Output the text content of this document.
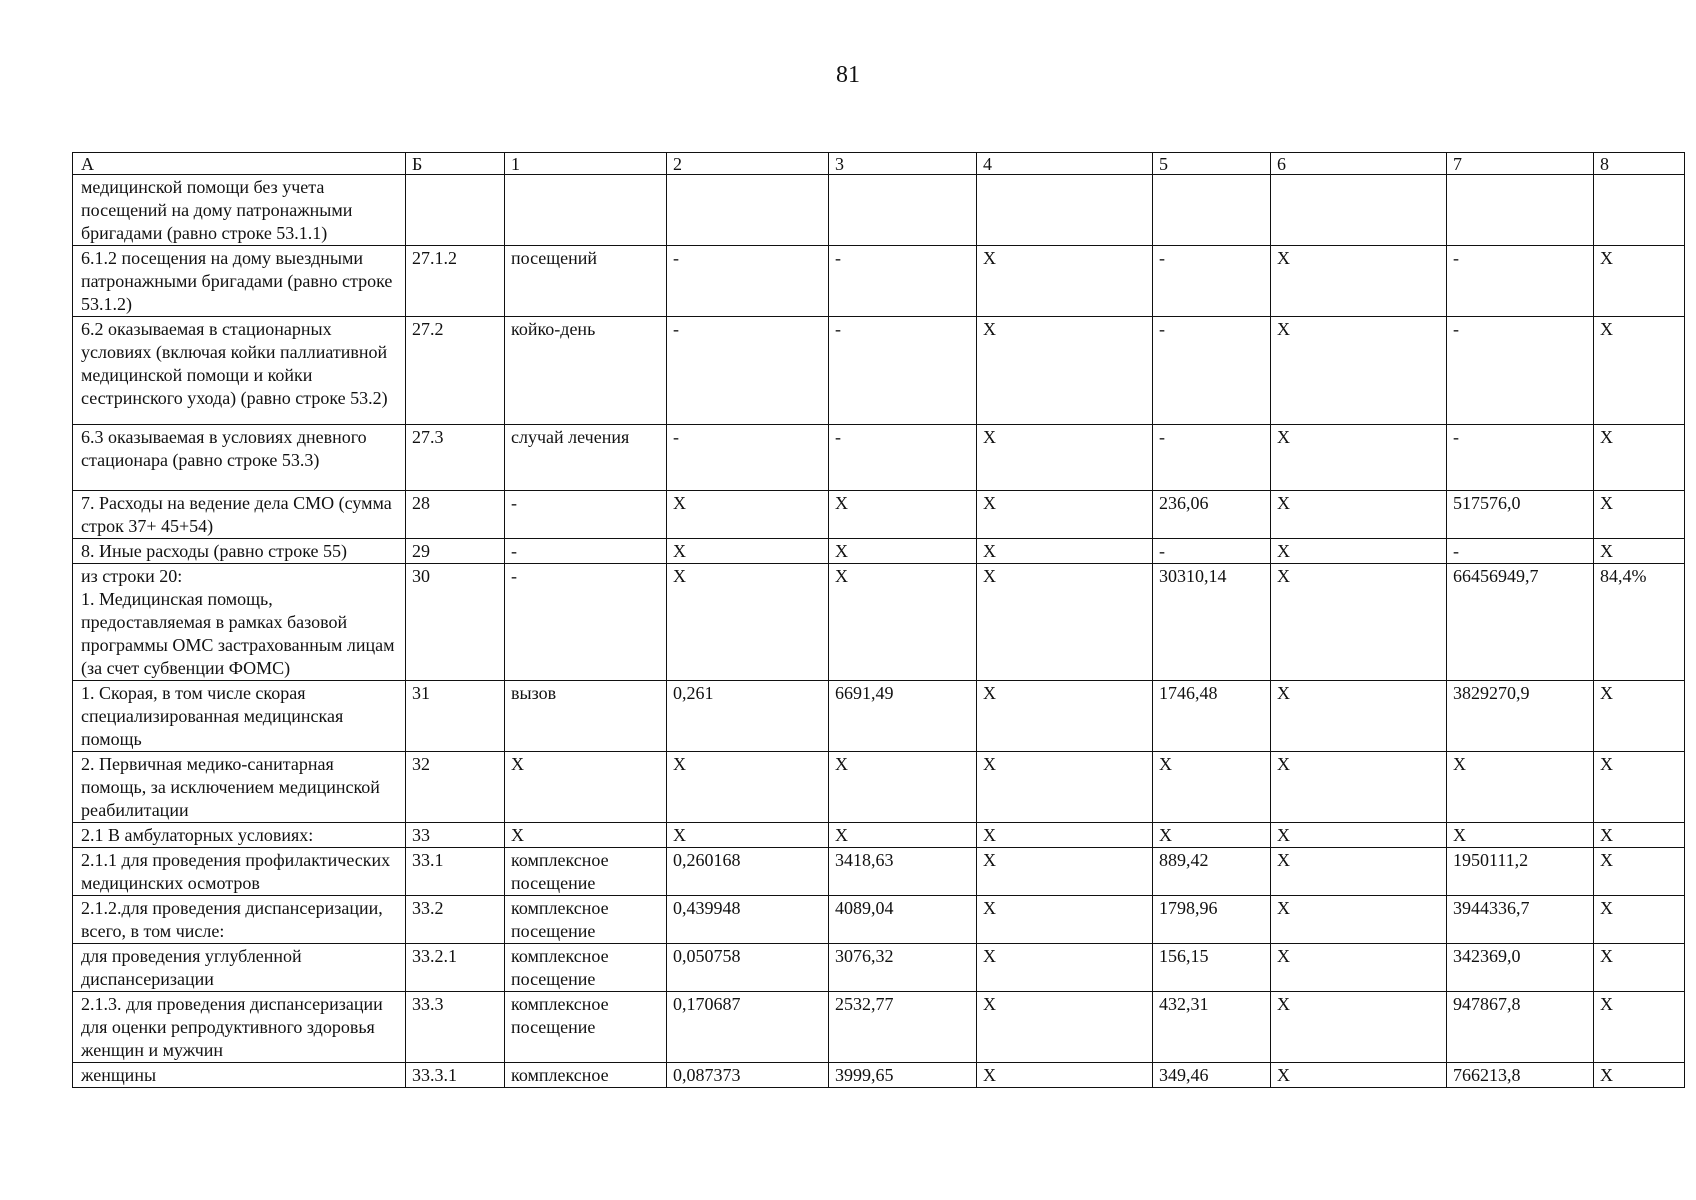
81
А	Б	1	2	3	4	5	6	7	8
медицинской помощи без учета посещений на дому патронажными бригадами (равно строке 53.1.1)									
6.1.2 посещения на дому выездными патронажными бригадами (равно строке 53.1.2)	27.1.2	посещений	-	-	X	-	X	-	X
6.2 оказываемая в стационарных условиях (включая койки паллиативной медицинской помощи и койки сестринского ухода) (равно строке 53.2)	27.2	койко-день	-	-	X	-	X	-	X
6.3 оказываемая в условиях дневного стационара (равно строке 53.3)	27.3	случай лечения	-	-	X	-	X	-	X
7. Расходы на ведение дела СМО (сумма строк 37+ 45+54)	28	-	X	X	X	236,06	X	517576,0	X
8. Иные расходы (равно строке 55)	29	-	X	X	X	-	X	-	X
из строки 20:
1. Медицинская помощь, предоставляемая в рамках базовой программы ОМС застрахованным лицам (за счет субвенции ФОМС)	30	-	X	X	X	30310,14	X	66456949,7	84,4%
1. Скорая, в том числе скорая специализированная медицинская помощь	31	вызов	0,261	6691,49	X	1746,48	X	3829270,9	X
2. Первичная медико-санитарная помощь, за исключением медицинской реабилитации	32	X	X	X	X	X	X	X	X
2.1 В амбулаторных условиях:	33	X	X	X	X	X	X	X	X
2.1.1 для проведения профилактических медицинских осмотров	33.1	комплексное посещение	0,260168	3418,63	X	889,42	X	1950111,2	X
2.1.2.для проведения диспансеризации, всего, в том числе:	33.2	комплексное посещение	0,439948	4089,04	X	1798,96	X	3944336,7	X
для проведения углубленной диспансеризации	33.2.1	комплексное посещение	0,050758	3076,32	X	156,15	X	342369,0	X
2.1.3. для проведения диспансеризации для оценки репродуктивного здоровья женщин и мужчин	33.3	комплексное посещение	0,170687	2532,77	X	432,31	X	947867,8	X
женщины	33.3.1	комплексное	0,087373	3999,65	X	349,46	X	766213,8	X
